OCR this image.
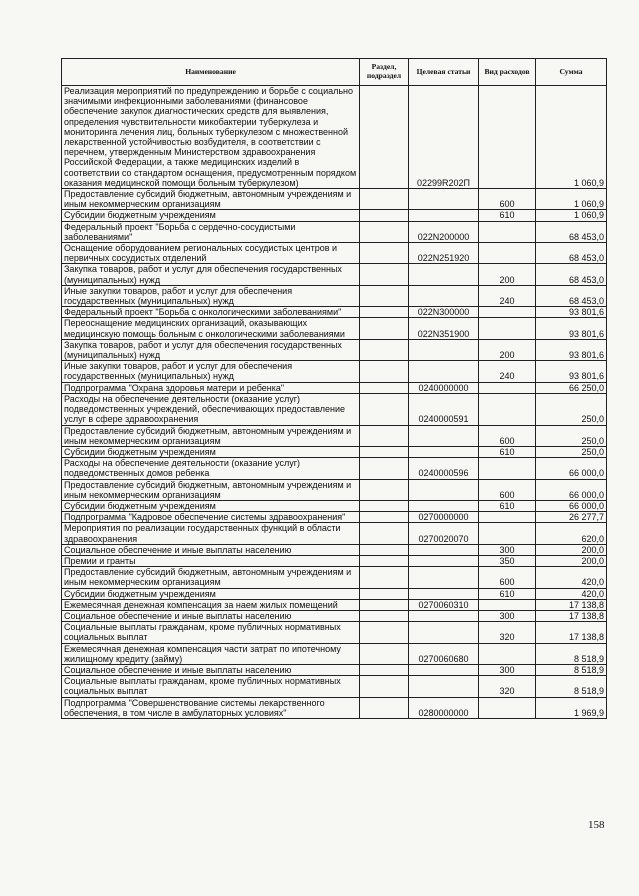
Наименование	Раздел, подраздел	Целевая статьи	Вид расходов	Сумма
Реализация мероприятий по предупреждению и борьбе с социально значимыми инфекционными заболеваниями (финансовое обеспечение закупок диагностических средств для выявления, определения чувствительности микобактерии туберкулеза и мониторинга лечения лиц, больных туберкулезом с множественной лекарственной устойчивостью возбудителя, в соответствии с перечнем, утвержденным Министерством здравоохранения Российской Федерации, а также медицинских изделий в соответствии со стандартом оснащения, предусмотренным порядком оказания медицинской помощи больным туберкулезом)		02299R202П		1 060,9
Предоставление субсидий бюджетным, автономным учреждениям и иным некоммерческим организациям			600	1 060,9
Субсидии бюджетным учреждениям			610	1 060,9
Федеральный проект "Борьба с сердечно-сосудистыми заболеваниями"		022N200000		68 453,0
Оснащение оборудованием региональных сосудистых центров и первичных сосудистых отделений		022N251920		68 453,0
Закупка товаров, работ и услуг для обеспечения государственных (муниципальных) нужд			200	68 453,0
Иные закупки товаров, работ и услуг для обеспечения государственных (муниципальных) нужд			240	68 453,0
Федеральный проект "Борьба с онкологическими заболеваниями"		022N300000		93 801,6
Переоснащение медицинских организаций, оказывающих медицинскую помощь больным с онкологическими заболеваниями		022N351900		93 801,6
Закупка товаров, работ и услуг для обеспечения государственных (муниципальных) нужд			200	93 801,6
Иные закупки товаров, работ и услуг для обеспечения государственных (муниципальных) нужд			240	93 801,6
Подпрограмма "Охрана здоровья матери и ребенка"		0240000000		66 250,0
Расходы на обеспечение деятельности (оказание услуг) подведомственных учреждений, обеспечивающих предоставление услуг в сфере здравоохранения		0240000591		250,0
Предоставление субсидий бюджетным, автономным учреждениям и иным некоммерческим организациям			600	250,0
Субсидии бюджетным учреждениям			610	250,0
Расходы на обеспечение деятельности (оказание услуг) подведомственных домов ребенка		0240000596		66 000,0
Предоставление субсидий бюджетным, автономным учреждениям и иным некоммерческим организациям			600	66 000,0
Субсидии бюджетным учреждениям			610	66 000,0
Подпрограмма "Кадровое обеспечение системы здравоохранения"		0270000000		26 277,7
Мероприятия по реализации государственных функций в области здравоохранения		0270020070		620,0
Социальное обеспечение и иные выплаты населению			300	200,0
Премии и гранты			350	200,0
Предоставление субсидий бюджетным, автономным учреждениям и иным некоммерческим организациям			600	420,0
Субсидии бюджетным учреждениям			610	420,0
Ежемесячная денежная компенсация за наем жилых помещений		0270060310		17 138,8
Социальное обеспечение и иные выплаты населению			300	17 138,8
Социальные выплаты гражданам, кроме публичных нормативных социальных выплат			320	17 138,8
Ежемесячная денежная компенсация части затрат по ипотечному жилищному кредиту (займу)		0270060680		8 518,9
Социальное обеспечение и иные выплаты населению			300	8 518,9
Социальные выплаты гражданам, кроме публичных нормативных социальных выплат			320	8 518,9
Подпрограмма "Совершенствование системы лекарственного обеспечения, в том числе в амбулаторных условиях"		0280000000		1 969,9
158
